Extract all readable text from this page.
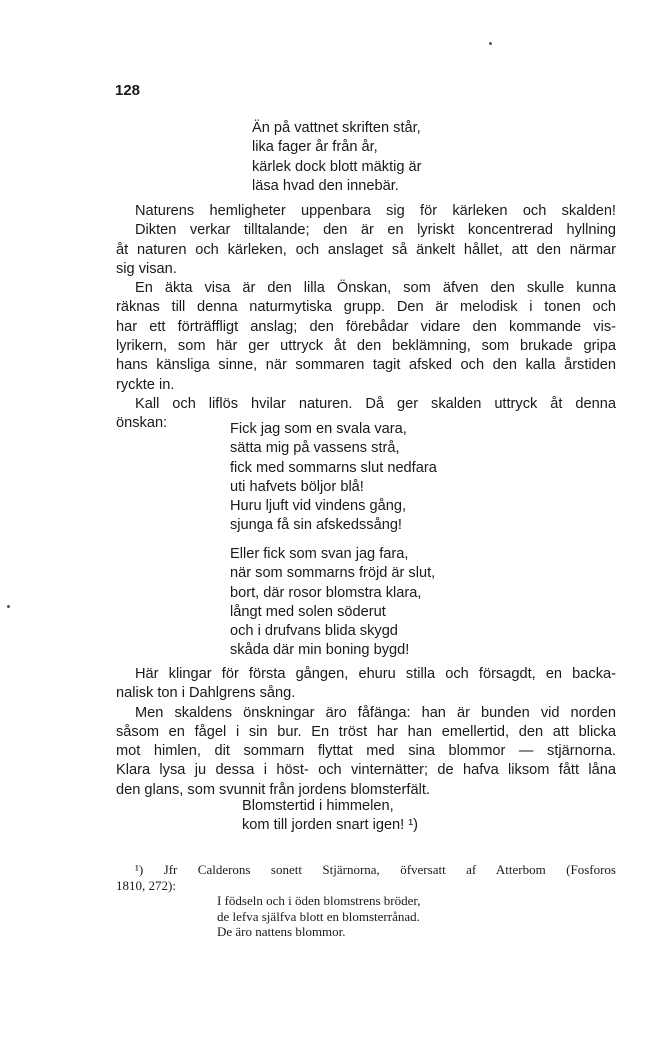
128
Än på vattnet skriften står,
lika fager år från år,
kärlek dock blott mäktig är
läsa hvad den innebär.
Naturens hemligheter uppenbara sig för kärleken och skalden!
Dikten verkar tilltalande; den är en lyriskt koncentrerad hyllning
åt naturen och kärleken, och anslaget så änkelt hållet, att den närmar
sig visan.
En äkta visa är den lilla Önskan, som äfven den skulle kunna
räknas till denna naturmytiska grupp. Den är melodisk i tonen och
har ett förträffligt anslag; den förebådar vidare den kommande vis-
lyrikern, som här ger uttryck åt den beklämning, som brukade gripa
hans känsliga sinne, när sommaren tagit afsked och den kalla årstiden
ryckte in.
Kall och liflös hvilar naturen. Då ger skalden uttryck åt denna
önskan:	Fick jag som en svala vara,
sätta mig på vassens strå,
fick med sommarns slut nedfara
uti hafvets böljor blå!
Huru ljuft vid vindens gång,
sjunga få sin afskedssång!
Eller fick som svan jag fara,
när som sommarns fröjd är slut,
bort, där rosor blomstra klara,
långt med solen söderut
och i drufvans blida skygd
skåda där min boning bygd!
Här klingar för första gången, ehuru stilla och försagdt, en backa-
nalisk ton i Dahlgrens sång.
Men skaldens önskningar äro fåfänga: han är bunden vid norden
såsom en fågel i sin bur. En tröst har han emellertid, den att blicka
mot himlen, dit sommarn flyttat med sina blommor — stjärnorna.
Klara lysa ju dessa i höst- och vinternätter; de hafva liksom fått låna
den glans, som svunnit från jordens blomsterfält.
Blomstertid i himmelen,
kom till jorden snart igen! ¹)
¹) Jfr Calderons sonett Stjärnorna, öfversatt af Atterbom (Fosforos
1810, 272):
I födseln och i öden blomstrens bröder,
de lefva själfva blott en blomsterrånad.
De äro nattens blommor.
